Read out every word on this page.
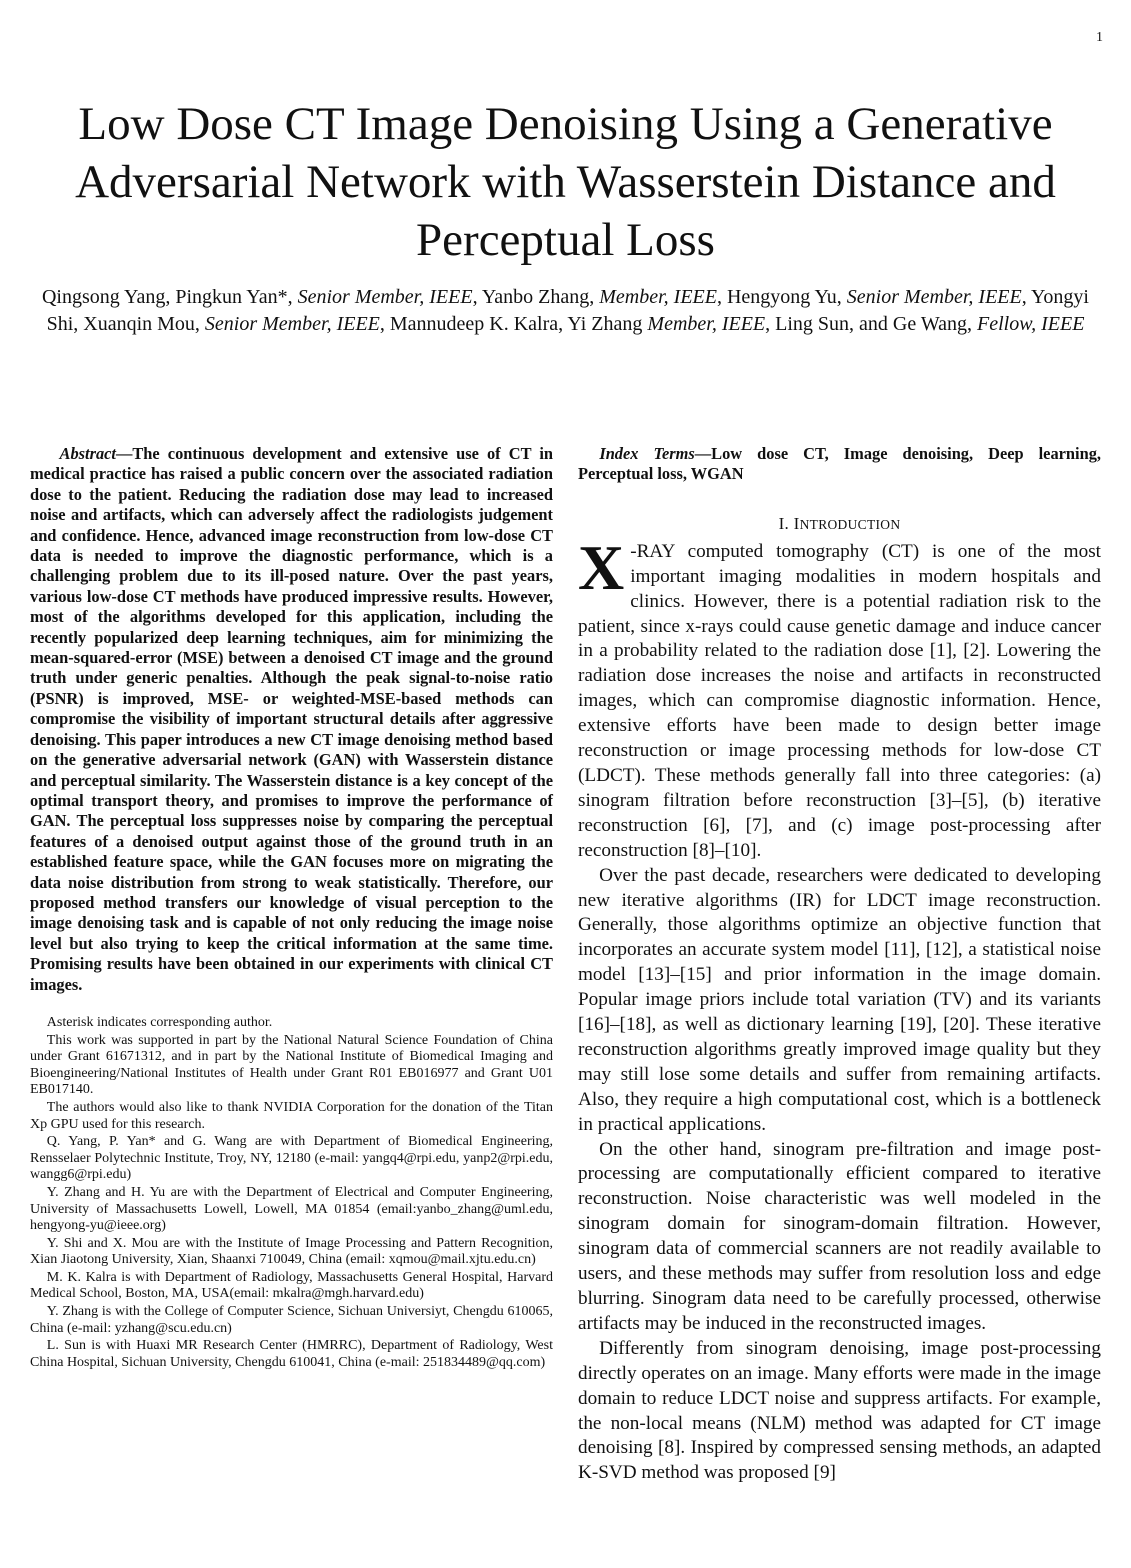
1
Low Dose CT Image Denoising Using a Generative Adversarial Network with Wasserstein Distance and Perceptual Loss
Qingsong Yang, Pingkun Yan*, Senior Member, IEEE, Yanbo Zhang, Member, IEEE, Hengyong Yu, Senior Member, IEEE, Yongyi Shi, Xuanqin Mou, Senior Member, IEEE, Mannudeep K. Kalra, Yi Zhang Member, IEEE, Ling Sun, and Ge Wang, Fellow, IEEE

Abstract—The continuous development and extensive use of CT in medical practice has raised a public concern over the associated radiation dose to the patient. Reducing the radiation dose may lead to increased noise and artifacts, which can adversely affect the radiologists judgement and confidence. Hence, advanced image reconstruction from low-dose CT data is needed to improve the diagnostic performance, which is a challenging problem due to its ill-posed nature. Over the past years, various low-dose CT methods have produced impressive results. However, most of the algorithms developed for this application, including the recently popularized deep learning techniques, aim for minimizing the mean-squared-error (MSE) between a denoised CT image and the ground truth under generic penalties. Although the peak signal-to-noise ratio (PSNR) is improved, MSE- or weighted-MSE-based methods can compromise the visibility of important structural details after aggressive denoising. This paper introduces a new CT image denoising method based on the generative adversarial network (GAN) with Wasserstein distance and perceptual similarity. The Wasserstein distance is a key concept of the optimal transport theory, and promises to improve the performance of GAN. The perceptual loss suppresses noise by comparing the perceptual features of a denoised output against those of the ground truth in an established feature space, while the GAN focuses more on migrating the data noise distribution from strong to weak statistically. Therefore, our proposed method transfers our knowledge of visual perception to the image denoising task and is capable of not only reducing the image noise level but also trying to keep the critical information at the same time. Promising results have been obtained in our experiments with clinical CT images.

Asterisk indicates corresponding author.

This work was supported in part by the National Natural Science Foundation of China under Grant 61671312, and in part by the National Institute of Biomedical Imaging and Bioengineering/National Institutes of Health under Grant R01 EB016977 and Grant U01 EB017140.

The authors would also like to thank NVIDIA Corporation for the donation of the Titan Xp GPU used for this research.

Q. Yang, P. Yan* and G. Wang are with Department of Biomedical Engineering, Rensselaer Polytechnic Institute, Troy, NY, 12180 (e-mail: yangq4@rpi.edu, yanp2@rpi.edu, wangg6@rpi.edu)

Y. Zhang and H. Yu are with the Department of Electrical and Computer Engineering, University of Massachusetts Lowell, Lowell, MA 01854 (email:yanbo_zhang@uml.edu, hengyong-yu@ieee.org)

Y. Shi and X. Mou are with the Institute of Image Processing and Pattern Recognition, Xian Jiaotong University, Xian, Shaanxi 710049, China (email: xqmou@mail.xjtu.edu.cn)

M. K. Kalra is with Department of Radiology, Massachusetts General Hospital, Harvard Medical School, Boston, MA, USA(email: mkalra@mgh.harvard.edu)

Y. Zhang is with the College of Computer Science, Sichuan Universiyt, Chengdu 610065, China (e-mail: yzhang@scu.edu.cn)

L. Sun is with Huaxi MR Research Center (HMRRC), Department of Radiology, West China Hospital, Sichuan University, Chengdu 610041, China (e-mail: 251834489@qq.com)

Index Terms—Low dose CT, Image denoising, Deep learning, Perceptual loss, WGAN

I. INTRODUCTION

X -RAY computed tomography (CT) is one of the most important imaging modalities in modern hospitals and clinics. However, there is a potential radiation risk to the patient, since x-rays could cause genetic damage and induce cancer in a probability related to the radiation dose [1], [2]. Lowering the radiation dose increases the noise and artifacts in reconstructed images, which can compromise diagnostic information. Hence, extensive efforts have been made to design better image reconstruction or image processing methods for low-dose CT (LDCT). These methods generally fall into three categories: (a) sinogram filtration before reconstruction [3]–[5], (b) iterative reconstruction [6], [7], and (c) image post-processing after reconstruction [8]–[10].

Over the past decade, researchers were dedicated to developing new iterative algorithms (IR) for LDCT image reconstruction. Generally, those algorithms optimize an objective function that incorporates an accurate system model [11], [12], a statistical noise model [13]–[15] and prior information in the image domain. Popular image priors include total variation (TV) and its variants [16]–[18], as well as dictionary learning [19], [20]. These iterative reconstruction algorithms greatly improved image quality but they may still lose some details and suffer from remaining artifacts. Also, they require a high computational cost, which is a bottleneck in practical applications.

On the other hand, sinogram pre-filtration and image post-processing are computationally efficient compared to iterative reconstruction. Noise characteristic was well modeled in the sinogram domain for sinogram-domain filtration. However, sinogram data of commercial scanners are not readily available to users, and these methods may suffer from resolution loss and edge blurring. Sinogram data need to be carefully processed, otherwise artifacts may be induced in the reconstructed images.

Differently from sinogram denoising, image post-processing directly operates on an image. Many efforts were made in the image domain to reduce LDCT noise and suppress artifacts. For example, the non-local means (NLM) method was adapted for CT image denoising [8]. Inspired by compressed sensing methods, an adapted K-SVD method was proposed [9]
